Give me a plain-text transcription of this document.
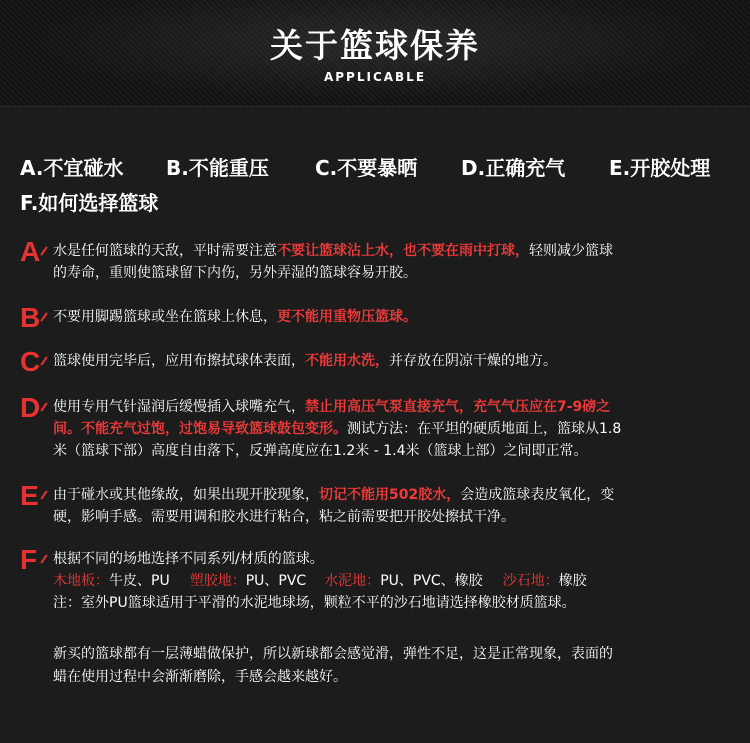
关于篮球保养
APPLICABLE
A.不宜碰水 B.不能重压 C.不要暴晒 D.正确充气 E.开胶处理
F.如何选择篮球
A 水是任何篮球的天敌，平时需要注意不要让篮球沾上水，也不要在雨中打球，轻则减少篮球
的寿命，重则使篮球留下内伤，另外弄湿的篮球容易开胶。
B 不要用脚踢篮球或坐在篮球上休息，更不能用重物压篮球。
C 篮球使用完毕后，应用布擦拭球体表面，不能用水洗，并存放在阴凉干燥的地方。
D 使用专用气针湿润后缓慢插入球嘴充气，禁止用高压气泵直接充气，充气气压应在7-9磅之
间。不能充气过饱，过饱易导致篮球鼓包变形。测试方法：在平坦的硬质地面上，篮球从1.8
米（篮球下部）高度自由落下，反弹高度应在1.2米 - 1.4米（篮球上部）之间即正常。
E 由于碰水或其他缘故，如果出现开胶现象，切记不能用502胶水，会造成篮球表皮氧化，变
硬，影响手感。需要用调和胶水进行粘合，粘之前需要把开胶处擦拭干净。
F 根据不同的场地选择不同系列/材质的篮球。
木地板：牛皮、PU 塑胶地：PU、PVC 水泥地：PU、PVC、橡胶 沙石地：橡胶
注：室外PU篮球适用于平滑的水泥地球场，颗粒不平的沙石地请选择橡胶材质篮球。
新买的篮球都有一层薄蜡做保护，所以新球都会感觉滑，弹性不足，这是正常现象，表面的
蜡在使用过程中会渐渐磨除，手感会越来越好。
